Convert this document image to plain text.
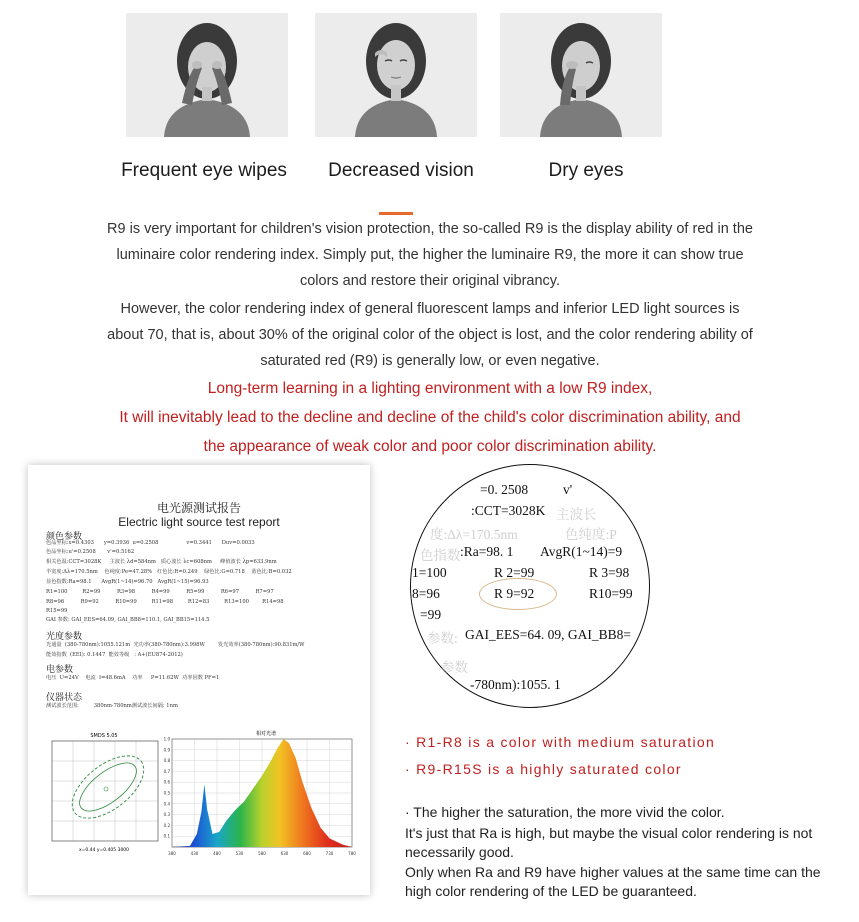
Frequent eye wipes	Decreased vision	Dry eyes
R9 is very important for children's vision protection, the so-called R9 is the display ability of red in the
luminaire color rendering index. Simply put, the higher the luminaire R9, the more it can show true
colors and restore their original vibrancy.
However, the color rendering index of general fluorescent lamps and inferior LED light sources is
about 70, that is, about 30% of the original color of the object is lost, and the color rendering ability of
saturated red (R9) is generally low, or even negative.
Long-term learning in a lighting environment with a low R9 index,
It will inevitably lead to the decline and decline of the child's color discrimination ability, and
the appearance of weak color and poor color discrimination ability.
电光源测试报告
Electric light source test report
颜色参数
色品坐标:x=0.4303      y=0.3936  u=0.2508                 v=0.3441      Duv=0.0033
色品坐标:u'=0.2508       v'=0.5162
相关色温:CCT=3028K     主波长 λd=584nm   质心波长 λc=608nm     峰值波长 λp=633.9nm
半宽度:Δλ=170.5nm    色纯度:Pe=47.28%   红色比:R=0.249    绿色比:G=0.718    蓝色比:B=0.032
显色指数:Ra=98.1      AvgR(1~14)=96.70   AvgR(1~15)=96.93
R1=100         R2=99          R3=98          R4=99          R5=99          R6=97          R7=97
R8=96          R9=92          R10=99         R11=98         R12=83         R13=100        R14=98
R15=99
GAI 参数: GAI_EES=64.09, GAI_BB8=110.1, GAI_BB15=114.5
光度参数
光通量  (380-780nm):1055.121m  光功率(380-780nm):3.998W        发光效率(380-780nm):90.831m/W
能效指数  (EEI): 0.1447  能效等级   : A+(EU874-2012)
电参数
电压  U=24V    电流  I=48.6mA    功率     P=11.62W  功率因数 PF=1
仪器状态
测试波长范围:         380nm-780nm测试波长间隔: 1nm
SMDS 5.05
x=0.44 y=0.405 3000
相对光谱
1.0
0.9
0.8
0.7
0.6
0.5
0.4
0.3
0.2
0.1
380	430	480	530	580	630	680	730	780
=0. 2508	v'
:CCT=3028K 主波长
度:Δλ=170.5nm	色纯度:P
色指数 :Ra=98. 1 AvgR(1~14)=9
1=100	R 2=99	R 3=98
8=96	R 9=92	R10=99
=99
参数: GAI_EES=64. 09, GAI_BB8=
参数
-780nm):1055. 1
· R1-R8 is a color with medium saturation
· R9-R15S is a highly saturated color
· The higher the saturation, the more vivid the color.
It's just that Ra is high, but maybe the visual color rendering is not necessarily good.
Only when Ra and R9 have higher values at the same time can the high color rendering of the LED be guaranteed.
